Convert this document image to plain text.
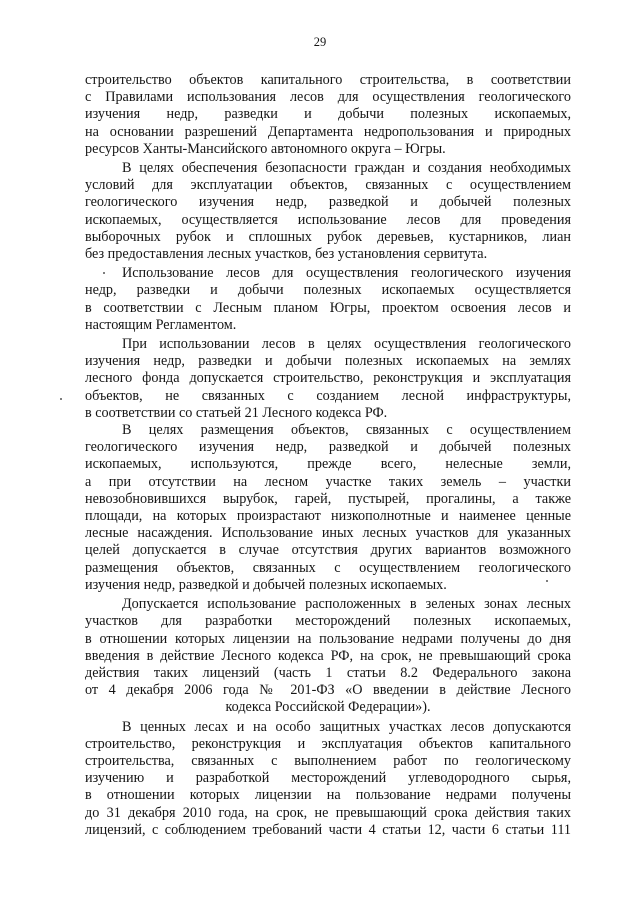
29
строительство объектов капитального строительства, в соответствии
с Правилами использования лесов для осуществления геологического
изучения недр, разведки и добычи полезных ископаемых,
на основании разрешений Департамента недропользования и природных
ресурсов Ханты-Мансийского автономного округа – Югры.
В целях обеспечения безопасности граждан и создания необходимых
условий для эксплуатации объектов, связанных с осуществлением
геологического изучения недр, разведкой и добычей полезных
ископаемых, осуществляется использование лесов для проведения
выборочных рубок и сплошных рубок деревьев, кустарников, лиан
без предоставления лесных участков, без установления сервитута.
Использование лесов для осуществления геологического изучения
недр, разведки и добычи полезных ископаемых осуществляется
в соответствии с Лесным планом Югры, проектом освоения лесов и
настоящим Регламентом.
При использовании лесов в целях осуществления геологического
изучения недр, разведки и добычи полезных ископаемых на землях
лесного фонда допускается строительство, реконструкция и эксплуатация
объектов, не связанных с созданием лесной инфраструктуры,
в соответствии со статьей 21 Лесного кодекса РФ.
В целях размещения объектов, связанных с осуществлением
геологического изучения недр, разведкой и добычей полезных
ископаемых, используются, прежде всего, нелесные земли,
а при отсутствии на лесном участке таких земель – участки
невозобновившихся вырубок, гарей, пустырей, прогалины, а также
площади, на которых произрастают низкополнотные и наименее ценные
лесные насаждения. Использование иных лесных участков для указанных
целей допускается в случае отсутствия других вариантов возможного
размещения объектов, связанных с осуществлением геологического
изучения недр, разведкой и добычей полезных ископаемых.
Допускается использование расположенных в зеленых зонах лесных
участков для разработки месторождений полезных ископаемых,
в отношении которых лицензии на пользование недрами получены до дня
введения в действие Лесного кодекса РФ, на срок, не превышающий срока
действия таких лицензий (часть 1 статьи 8.2 Федерального закона
от 4 декабря 2006 года № 201-ФЗ «О введении в действие Лесного
кодекса Российской Федерации»).
В ценных лесах и на особо защитных участках лесов допускаются
строительство, реконструкция и эксплуатация объектов капитального
строительства, связанных с выполнением работ по геологическому
изучению и разработкой месторождений углеводородного сырья,
в отношении которых лицензии на пользование недрами получены
до 31 декабря 2010 года, на срок, не превышающий срока действия таких
лицензий, с соблюдением требований части 4 статьи 12, части 6 статьи 111
